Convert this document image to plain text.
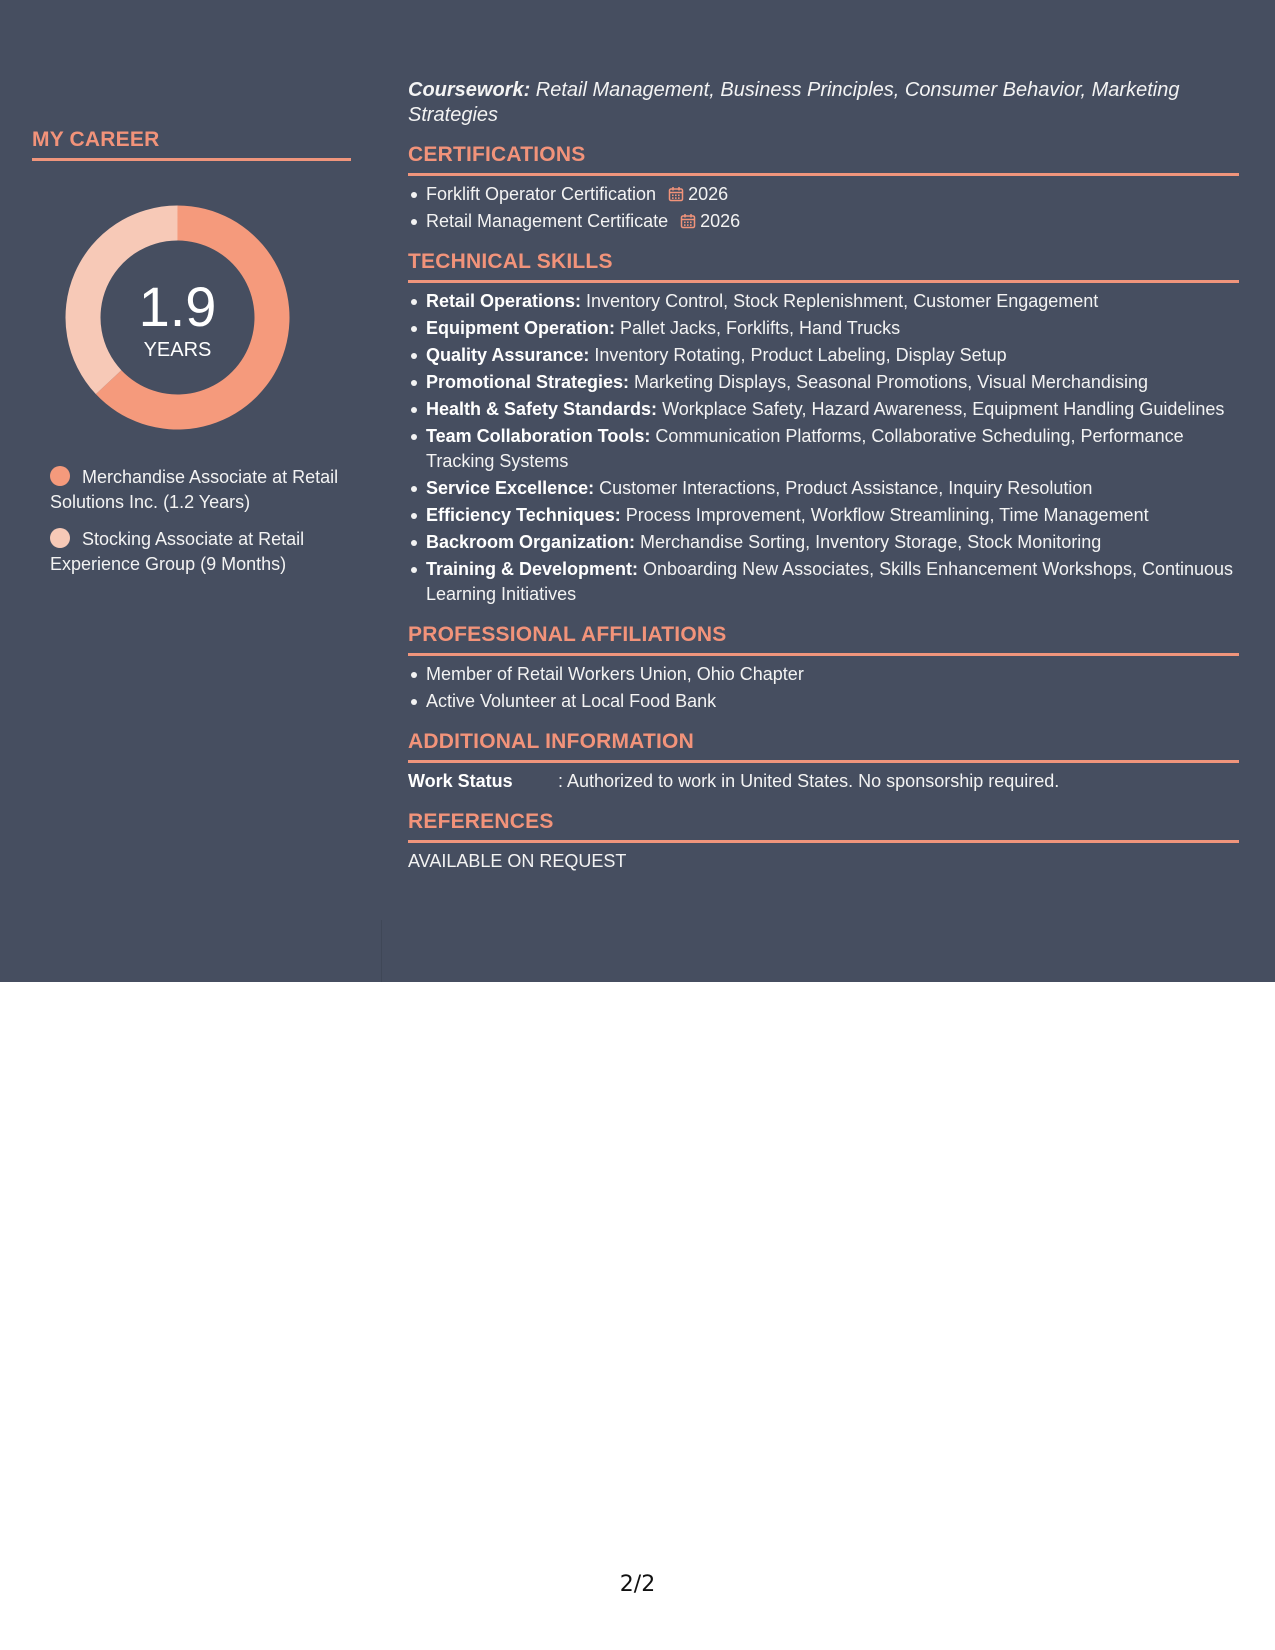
MY CAREER
1.9
YEARS
Merchandise Associate at Retail Solutions Inc. (1.2 Years)
Stocking Associate at Retail Experience Group (9 Months)
Coursework: Retail Management, Business Principles, Consumer Behavior, Marketing Strategies
CERTIFICATIONS
Forklift Operator Certification 2026
Retail Management Certificate 2026
TECHNICAL SKILLS
Retail Operations: Inventory Control, Stock Replenishment, Customer Engagement
Equipment Operation: Pallet Jacks, Forklifts, Hand Trucks
Quality Assurance: Inventory Rotating, Product Labeling, Display Setup
Promotional Strategies: Marketing Displays, Seasonal Promotions, Visual Merchandising
Health & Safety Standards: Workplace Safety, Hazard Awareness, Equipment Handling Guidelines
Team Collaboration Tools: Communication Platforms, Collaborative Scheduling, Performance Tracking Systems
Service Excellence: Customer Interactions, Product Assistance, Inquiry Resolution
Efficiency Techniques: Process Improvement, Workflow Streamlining, Time Management
Backroom Organization: Merchandise Sorting, Inventory Storage, Stock Monitoring
Training & Development: Onboarding New Associates, Skills Enhancement Workshops, Continuous Learning Initiatives
PROFESSIONAL AFFILIATIONS
Member of Retail Workers Union, Ohio Chapter
Active Volunteer at Local Food Bank
ADDITIONAL INFORMATION
Work Status	: Authorized to work in United States. No sponsorship required.
REFERENCES
AVAILABLE ON REQUEST
2/2
